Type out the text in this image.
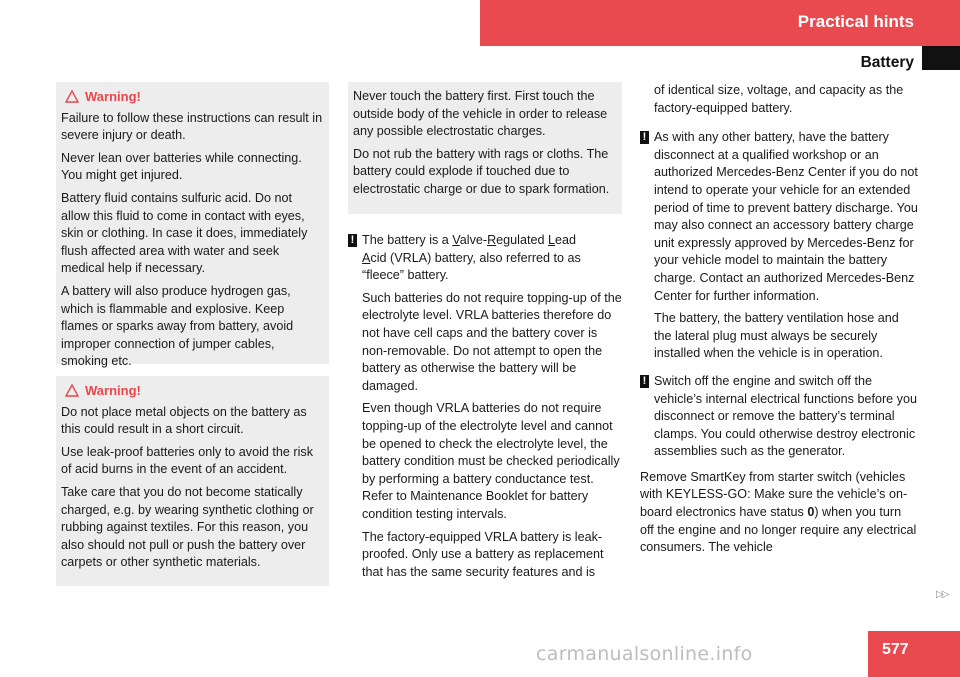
Practical hints
Battery
Warning!

Failure to follow these instructions can result in severe injury or death.

Never lean over batteries while connecting. You might get injured.

Battery fluid contains sulfuric acid. Do not allow this fluid to come in contact with eyes, skin or clothing. In case it does, immediately flush affected area with water and seek medical help if necessary.

A battery will also produce hydrogen gas, which is flammable and explosive. Keep flames or sparks away from battery, avoid improper connection of jumper cables, smoking etc.

Warning!

Do not place metal objects on the battery as this could result in a short circuit.

Use leak-proof batteries only to avoid the risk of acid burns in the event of an accident.

Take care that you do not become statically charged, e.g. by wearing synthetic clothing or rubbing against textiles. For this reason, you also should not pull or push the battery over carpets or other synthetic materials.

Never touch the battery first. First touch the outside body of the vehicle in order to release any possible electrostatic charges.

Do not rub the battery with rags or cloths. The battery could explode if touched due to electrostatic charge or due to spark formation.

! The battery is a Valve-Regulated Lead
Acid (VRLA) battery, also referred to as “fleece” battery.

Such batteries do not require topping-up of the electrolyte level. VRLA batteries therefore do not have cell caps and the battery cover is non-removable. Do not attempt to open the battery as otherwise the battery will be damaged.

Even though VRLA batteries do not require topping-up of the electrolyte level and cannot be opened to check the electrolyte level, the battery condition must be checked periodically by performing a battery conductance test. Refer to Maintenance Booklet for battery condition testing intervals.

The factory-equipped VRLA battery is leak-proofed. Only use a battery as replacement that has the same security features and is

of identical size, voltage, and capacity as the factory-equipped battery.

! As with any other battery, have the battery disconnect at a qualified workshop or an authorized Mercedes-Benz Center if you do not intend to operate your vehicle for an extended period of time to prevent battery discharge. You may also connect an accessory battery charge unit expressly approved by Mercedes-Benz for your vehicle model to maintain the battery charge. Contact an authorized Mercedes-Benz Center for further information.

The battery, the battery ventilation hose and the lateral plug must always be securely installed when the vehicle is in operation.

! Switch off the engine and switch off the vehicle’s internal electrical functions before you disconnect or remove the battery’s terminal clamps. You could otherwise destroy electronic assemblies such as the generator.

Remove SmartKey from starter switch (vehicles with KEYLESS-GO: Make sure the vehicle’s on-board electronics have status 0) when you turn off the engine and no longer require any electrical consumers. The vehicle

▷▷
577
carmanualsonline.info
